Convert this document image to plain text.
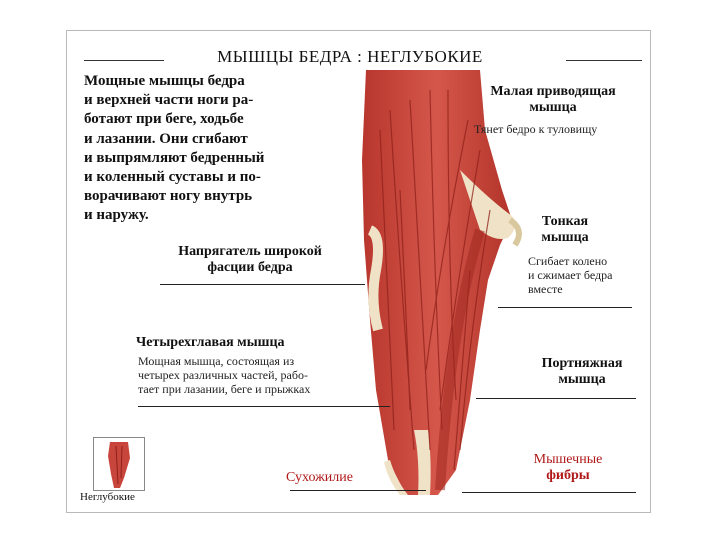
МЫШЦЫ БЕДРА : НЕГЛУБОКИЕ
Мощные мышцы бедра
и верхней части ноги ра-
ботают при беге, ходьбе
и лазании. Они сгибают
и выпрямляют бедренный
и коленный суставы и по-
ворачивают ногу внутрь
и наружу.
Малая приводящая
мышца
Тянет бедро к туловищу
Тонкая
мышца
Сгибает колено
и сжимает бедра
вместе
Портняжная
мышца
Мышечные
фибры
Напрягатель широкой
фасции бедра
Четырехглавая мышца
Мощная мышца, состоящая из
четырех различных частей, рабо-
тает при лазании, беге и прыжках
Сухожилие
Неглубокие
